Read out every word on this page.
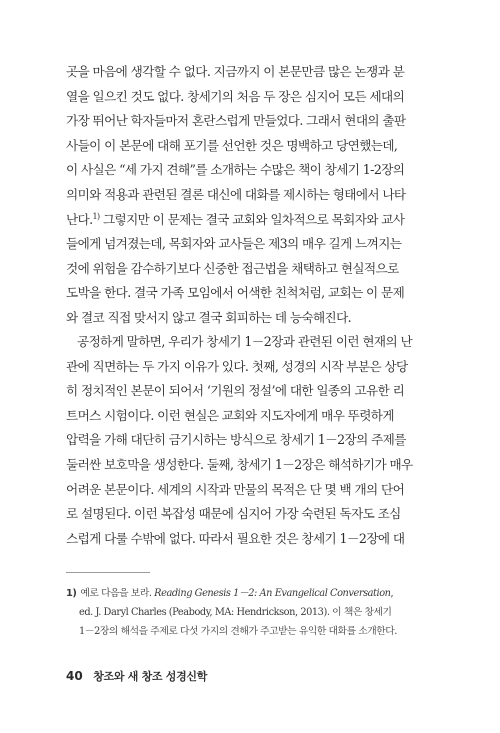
곳을 마음에 생각할 수 없다. 지금까지 이 본문만큼 많은 논쟁과 분
열을 일으킨 것도 없다. 창세기의 처음 두 장은 심지어 모든 세대의
가장 뛰어난 학자들마저 혼란스럽게 만들었다. 그래서 현대의 출판
사들이 이 본문에 대해 포기를 선언한 것은 명백하고 당연했는데,
이 사실은 “세 가지 견해”를 소개하는 수많은 책이 창세기 1-2장의
의미와 적용과 관련된 결론 대신에 대화를 제시하는 형태에서 나타
난다.$^{1)}$ 그렇지만 이 문제는 결국 교회와 일차적으로 목회자와 교사
들에게 넘겨졌는데, 목회자와 교사들은 제3의 매우 길게 느껴지는
것에 위험을 감수하기보다 신중한 접근법을 채택하고 현실적으로
도박을 한다. 결국 가족 모임에서 어색한 친척처럼, 교회는 이 문제
와 결코 직접 맞서지 않고 결국 회피하는 데 능숙해진다.
공정하게 말하면, 우리가 창세기 1－2장과 관련된 이런 현재의 난
관에 직면하는 두 가지 이유가 있다. 첫째, 성경의 시작 부분은 상당
히 정치적인 본문이 되어서 ‘기원의 정설’에 대한 일종의 고유한 리
트머스 시험이다. 이런 현실은 교회와 지도자에게 매우 뚜렷하게
압력을 가해 대단히 금기시하는 방식으로 창세기 1－2장의 주제를
둘러싼 보호막을 생성한다. 둘째, 창세기 1－2장은 해석하기가 매우
어려운 본문이다. 세계의 시작과 만물의 목적은 단 몇 백 개의 단어
로 설명된다. 이런 복잡성 때문에 심지어 가장 숙련된 독자도 조심
스럽게 다룰 수밖에 없다. 따라서 필요한 것은 창세기 1－2장에 대
1) 예로 다음을 보라. Reading Genesis 1－2: An Evangelical Conversation,
ed. J. Daryl Charles (Peabody, MA: Hendrickson, 2013). 이 책은 창세기
1－2장의 해석을 주제로 다섯 가지의 견해가 주고받는 유익한 대화를 소개한다.
40 창조와 새 창조 성경신학
